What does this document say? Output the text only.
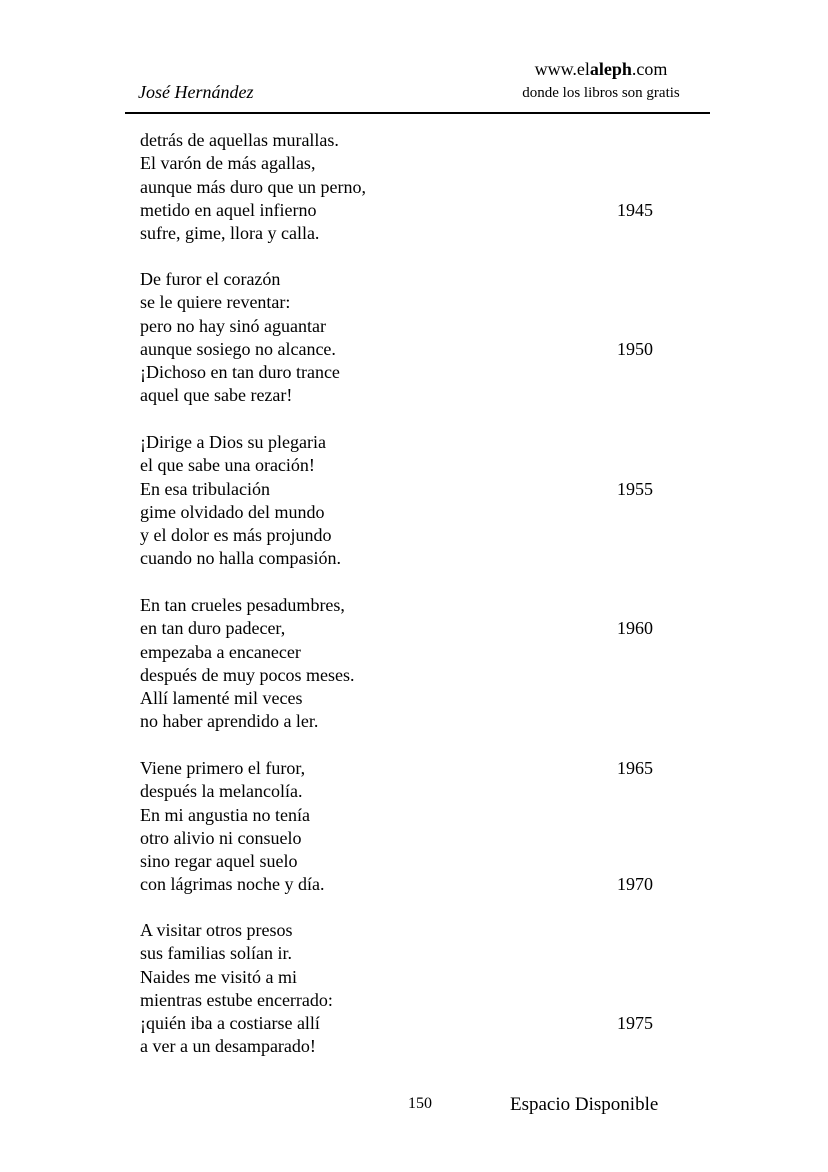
José Hernández
www.elaleph.com
donde los libros son gratis
detrás de aquellas murallas.
El varón de más agallas,
aunque más duro que un perno,
metido en aquel infierno	1945
sufre, gime, llora y calla.
De furor el corazón
se le quiere reventar:
pero no hay sinó aguantar
aunque sosiego no alcance.	1950
¡Dichoso en tan duro trance
aquel que sabe rezar!
¡Dirige a Dios su plegaria
el que sabe una oración!
En esa tribulación	1955
gime olvidado del mundo
y el dolor es más projundo
cuando no halla compasión.
En tan crueles pesadumbres,
en tan duro padecer,	1960
empezaba a encanecer
después de muy pocos meses.
Allí lamenté mil veces
no haber aprendido a ler.
Viene primero el furor,	1965
después la melancolía.
En mi angustia no tenía
otro alivio ni consuelo
sino regar aquel suelo
con lágrimas noche y día.	1970
A visitar otros presos
sus familias solían ir.
Naides me visitó a mi
mientras estube encerrado:
¡quién iba a costiarse allí	1975
a ver a un desamparado!
150	Espacio Disponible
